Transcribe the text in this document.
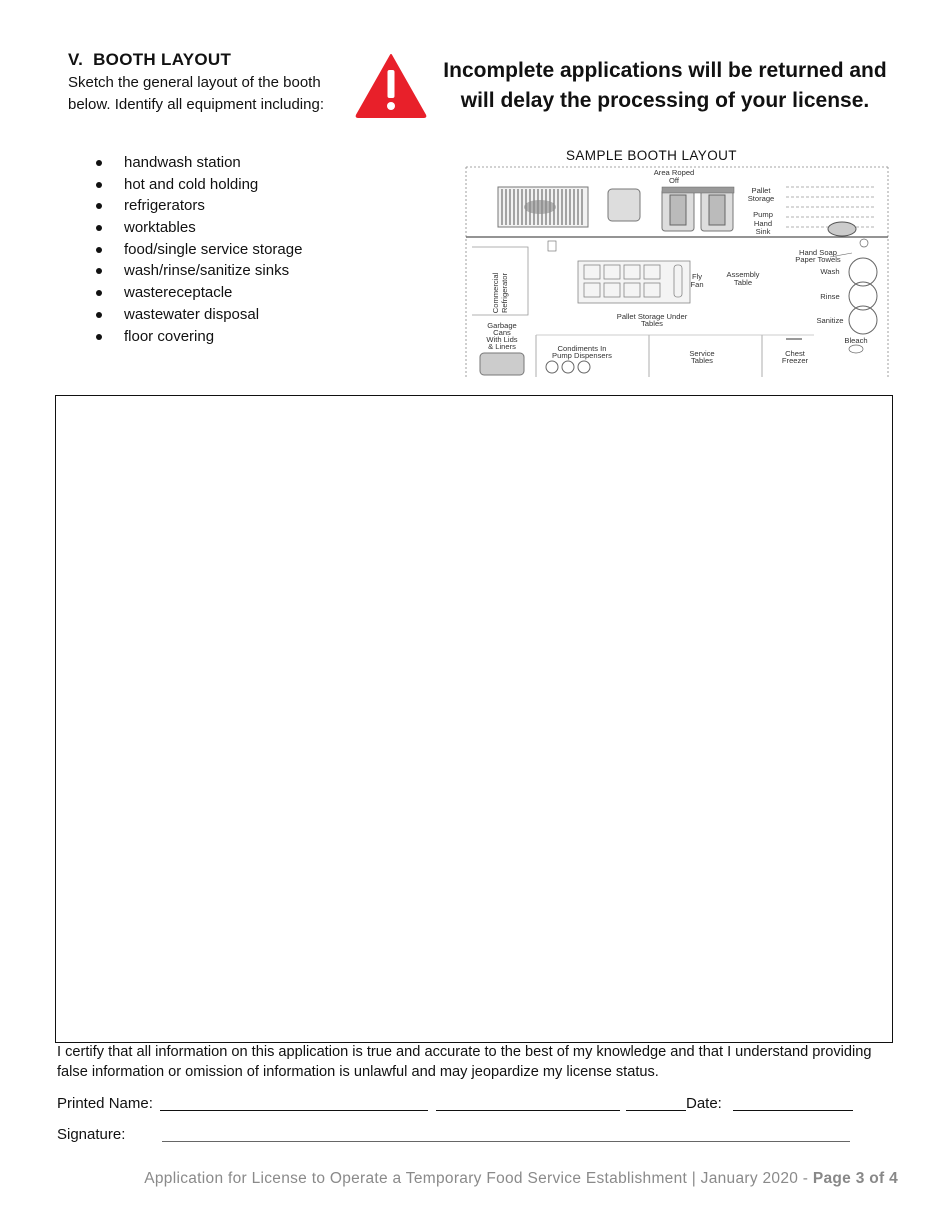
V. BOOTH LAYOUT

Sketch the general layout of the booth below. Identify all equipment including:

handwash station
hot and cold holding
refrigerators
worktables
food/single service storage
wash/rinse/sanitize sinks
wastereceptacle
wastewater disposal
floor covering

Incomplete applications will be returned and
will delay the processing of your license.

SAMPLE BOOTH LAYOUT
Area Roped
Off
Pallet
Storage
Pump
Hand
Sink
Hand Soap
Paper Towels
Wash
Rinse
Sanitize
Bleach
Commercial Refrigerator	Fly
Fan
Assembly
Table
Pallet Storage Under
Tables
Garbage
Cans
With Lids
& Liners	Condiments In
Pump Dispensers	Service
Tables
Chest
Freezer

I certify that all information on this application is true and accurate to the best of my knowledge and that I understand providing false information or omission of information is unlawful and may jeopardize my license status.

Printed Name:	Date:
Signature:
Application for License to Operate a Temporary Food Service Establishment | January 2020 - Page 3 of 4
